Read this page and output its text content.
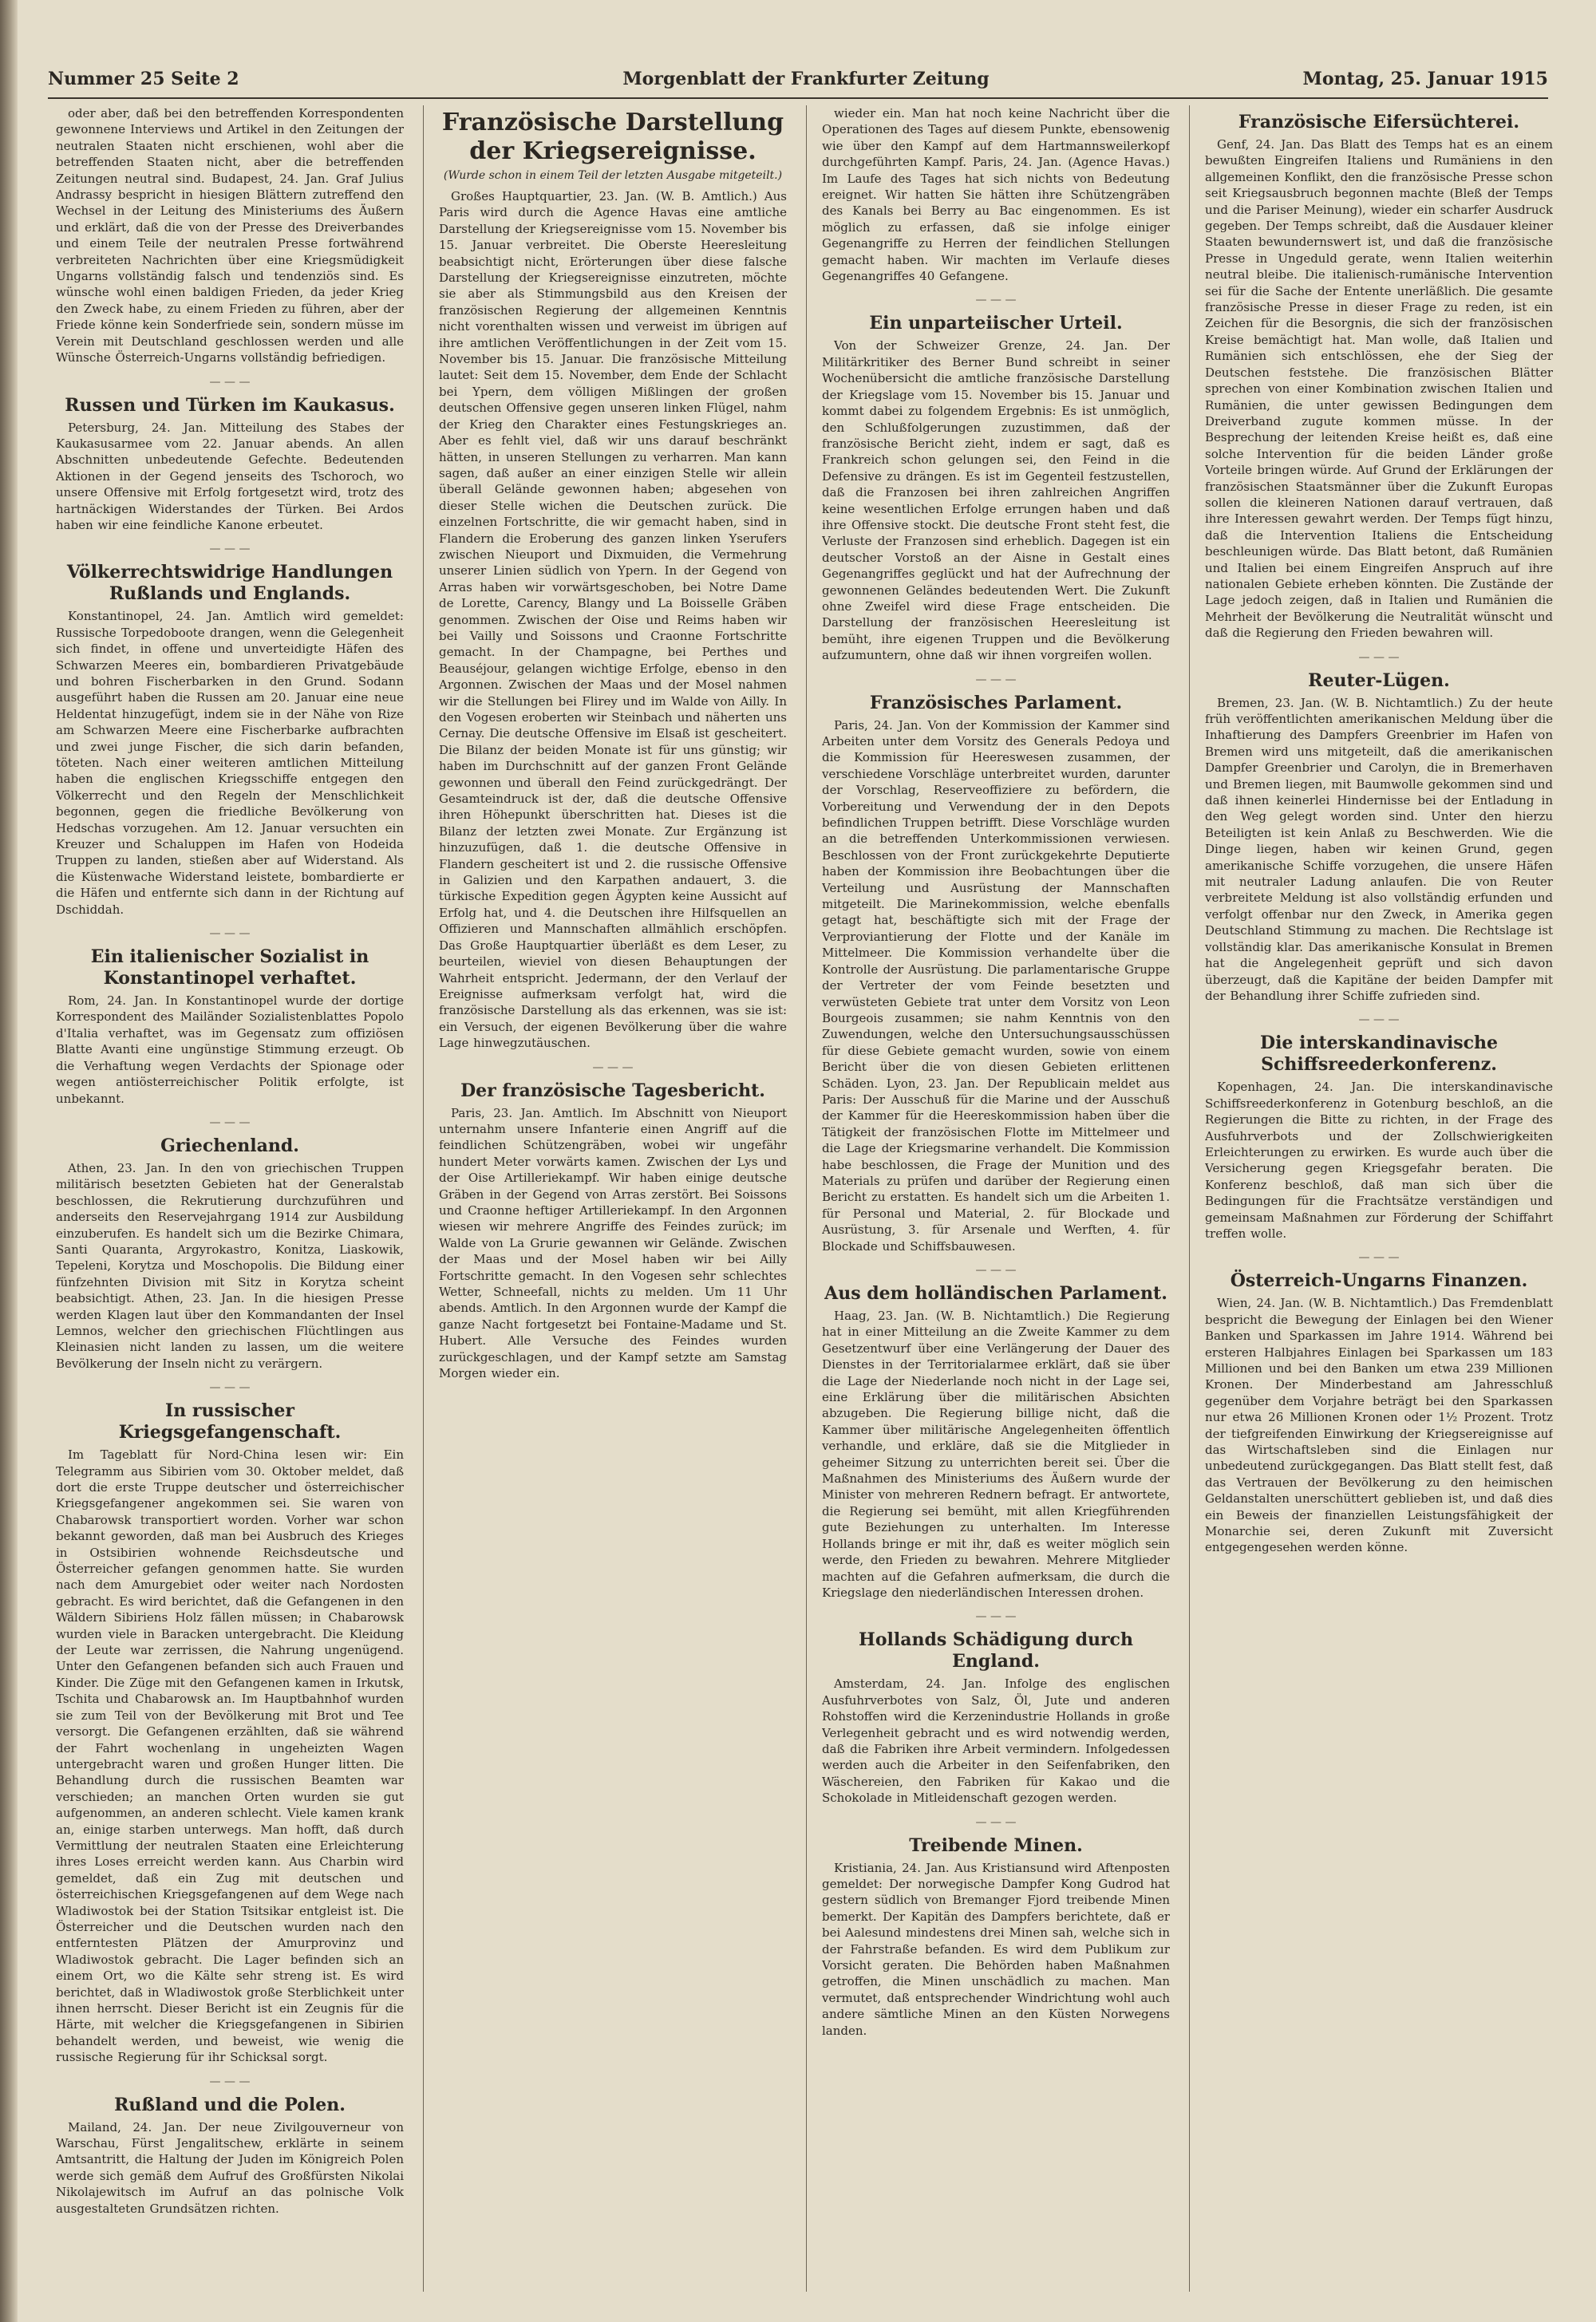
Nummer 25 Seite 2	Morgenblatt der Frankfurter Zeitung	Montag, 25. Januar 1915

oder aber, daß bei den betreffenden Korrespondenten gewonnene Interviews und Artikel in den Zeitungen der neutralen Staaten nicht erschienen, wohl aber die betreffenden Staaten nicht, aber die betreffenden Zeitungen neutral sind. Budapest, 24. Jan. Graf Julius Andrassy bespricht in hiesigen Blättern zutreffend den Wechsel in der Leitung des Ministeriums des Äußern und erklärt, daß die von der Presse des Dreiverbandes und einem Teile der neutralen Presse fortwährend verbreiteten Nachrichten über eine Kriegsmüdigkeit Ungarns vollständig falsch und tendenziös sind. Es wünsche wohl einen baldigen Frieden, da jeder Krieg den Zweck habe, zu einem Frieden zu führen, aber der Friede könne kein Sonderfriede sein, sondern müsse im Verein mit Deutschland geschlossen werden und alle Wünsche Österreich-Ungarns vollständig befriedigen.

— — —
Russen und Türken im Kaukasus.

Petersburg, 24. Jan. Mitteilung des Stabes der Kaukasusarmee vom 22. Januar abends. An allen Abschnitten unbedeutende Gefechte. Bedeutenden Aktionen in der Gegend jenseits des Tschoroch, wo unsere Offensive mit Erfolg fortgesetzt wird, trotz des hartnäckigen Widerstandes der Türken. Bei Ardos haben wir eine feindliche Kanone erbeutet.

— — —
Völkerrechtswidrige Handlungen Rußlands und Englands.

Konstantinopel, 24. Jan. Amtlich wird gemeldet: Russische Torpedoboote drangen, wenn die Gelegenheit sich findet, in offene und unverteidigte Häfen des Schwarzen Meeres ein, bombardieren Privatgebäude und bohren Fischerbarken in den Grund. Sodann ausgeführt haben die Russen am 20. Januar eine neue Heldentat hinzugefügt, indem sie in der Nähe von Rize am Schwarzen Meere eine Fischerbarke aufbrachten und zwei junge Fischer, die sich darin befanden, töteten. Nach einer weiteren amtlichen Mitteilung haben die englischen Kriegsschiffe entgegen den Völkerrecht und den Regeln der Menschlichkeit begonnen, gegen die friedliche Bevölkerung von Hedschas vorzugehen. Am 12. Januar versuchten ein Kreuzer und Schaluppen im Hafen von Hodeida Truppen zu landen, stießen aber auf Widerstand. Als die Küstenwache Widerstand leistete, bombardierte er die Häfen und entfernte sich dann in der Richtung auf Dschiddah.

— — —
Ein italienischer Sozialist in Konstantinopel verhaftet.

Rom, 24. Jan. In Konstantinopel wurde der dortige Korrespondent des Mailänder Sozialistenblattes Popolo d'Italia verhaftet, was im Gegensatz zum offiziösen Blatte Avanti eine ungünstige Stimmung erzeugt. Ob die Verhaftung wegen Verdachts der Spionage oder wegen antiösterreichischer Politik erfolgte, ist unbekannt.

— — —
Griechenland.

Athen, 23. Jan. In den von griechischen Truppen militärisch besetzten Gebieten hat der Generalstab beschlossen, die Rekrutierung durchzuführen und anderseits den Reservejahrgang 1914 zur Ausbildung einzuberufen. Es handelt sich um die Bezirke Chimara, Santi Quaranta, Argyrokastro, Konitza, Liaskowik, Tepeleni, Korytza und Moschopolis. Die Bildung einer fünfzehnten Division mit Sitz in Korytza scheint beabsichtigt. Athen, 23. Jan. In die hiesigen Presse werden Klagen laut über den Kommandanten der Insel Lemnos, welcher den griechischen Flüchtlingen aus Kleinasien nicht landen zu lassen, um die weitere Bevölkerung der Inseln nicht zu verärgern.

— — —
In russischer Kriegsgefangenschaft.

Im Tageblatt für Nord-China lesen wir: Ein Telegramm aus Sibirien vom 30. Oktober meldet, daß dort die erste Truppe deutscher und österreichischer Kriegsgefangener angekommen sei. Sie waren von Chabarowsk transportiert worden. Vorher war schon bekannt geworden, daß man bei Ausbruch des Krieges in Ostsibirien wohnende Reichsdeutsche und Österreicher gefangen genommen hatte. Sie wurden nach dem Amurgebiet oder weiter nach Nordosten gebracht. Es wird berichtet, daß die Gefangenen in den Wäldern Sibiriens Holz fällen müssen; in Chabarowsk wurden viele in Baracken untergebracht. Die Kleidung der Leute war zerrissen, die Nahrung ungenügend. Unter den Gefangenen befanden sich auch Frauen und Kinder. Die Züge mit den Gefangenen kamen in Irkutsk, Tschita und Chabarowsk an. Im Hauptbahnhof wurden sie zum Teil von der Bevölkerung mit Brot und Tee versorgt. Die Gefangenen erzählten, daß sie während der Fahrt wochenlang in ungeheizten Wagen untergebracht waren und großen Hunger litten. Die Behandlung durch die russischen Beamten war verschieden; an manchen Orten wurden sie gut aufgenommen, an anderen schlecht. Viele kamen krank an, einige starben unterwegs. Man hofft, daß durch Vermittlung der neutralen Staaten eine Erleichterung ihres Loses erreicht werden kann. Aus Charbin wird gemeldet, daß ein Zug mit deutschen und österreichischen Kriegsgefangenen auf dem Wege nach Wladiwostok bei der Station Tsitsikar entgleist ist. Die Österreicher und die Deutschen wurden nach den entferntesten Plätzen der Amurprovinz und Wladiwostok gebracht. Die Lager befinden sich an einem Ort, wo die Kälte sehr streng ist. Es wird berichtet, daß in Wladiwostok große Sterblichkeit unter ihnen herrscht. Dieser Bericht ist ein Zeugnis für die Härte, mit welcher die Kriegsgefangenen in Sibirien behandelt werden, und beweist, wie wenig die russische Regierung für ihr Schicksal sorgt.

— — —
Rußland und die Polen.

Mailand, 24. Jan. Der neue Zivilgouverneur von Warschau, Fürst Jengalitschew, erklärte in seinem Amtsantritt, die Haltung der Juden im Königreich Polen werde sich gemäß dem Aufruf des Großfürsten Nikolai Nikolajewitsch im Aufruf an das polnische Volk ausgestalteten Grundsätzen richten.

Französische Darstellung der Kriegsereignisse.
(Wurde schon in einem Teil der letzten Ausgabe mitgeteilt.)

Großes Hauptquartier, 23. Jan. (W. B. Amtlich.) Aus Paris wird durch die Agence Havas eine amtliche Darstellung der Kriegsereignisse vom 15. November bis 15. Januar verbreitet. Die Oberste Heeresleitung beabsichtigt nicht, Erörterungen über diese falsche Darstellung der Kriegsereignisse einzutreten, möchte sie aber als Stimmungsbild aus den Kreisen der französischen Regierung der allgemeinen Kenntnis nicht vorenthalten wissen und verweist im übrigen auf ihre amtlichen Veröffentlichungen in der Zeit vom 15. November bis 15. Januar. Die französische Mitteilung lautet: Seit dem 15. November, dem Ende der Schlacht bei Ypern, dem völligen Mißlingen der großen deutschen Offensive gegen unseren linken Flügel, nahm der Krieg den Charakter eines Festungskrieges an. Aber es fehlt viel, daß wir uns darauf beschränkt hätten, in unseren Stellungen zu verharren. Man kann sagen, daß außer an einer einzigen Stelle wir allein überall Gelände gewonnen haben; abgesehen von dieser Stelle wichen die Deutschen zurück. Die einzelnen Fortschritte, die wir gemacht haben, sind in Flandern die Eroberung des ganzen linken Yserufers zwischen Nieuport und Dixmuiden, die Vermehrung unserer Linien südlich von Ypern. In der Gegend von Arras haben wir vorwärtsgeschoben, bei Notre Dame de Lorette, Carency, Blangy und La Boisselle Gräben genommen. Zwischen der Oise und Reims haben wir bei Vailly und Soissons und Craonne Fortschritte gemacht. In der Champagne, bei Perthes und Beauséjour, gelangen wichtige Erfolge, ebenso in den Argonnen. Zwischen der Maas und der Mosel nahmen wir die Stellungen bei Flirey und im Walde von Ailly. In den Vogesen eroberten wir Steinbach und näherten uns Cernay. Die deutsche Offensive im Elsaß ist gescheitert. Die Bilanz der beiden Monate ist für uns günstig; wir haben im Durchschnitt auf der ganzen Front Gelände gewonnen und überall den Feind zurückgedrängt. Der Gesamteindruck ist der, daß die deutsche Offensive ihren Höhepunkt überschritten hat. Dieses ist die Bilanz der letzten zwei Monate. Zur Ergänzung ist hinzuzufügen, daß 1. die deutsche Offensive in Flandern gescheitert ist und 2. die russische Offensive in Galizien und den Karpathen andauert, 3. die türkische Expedition gegen Ägypten keine Aussicht auf Erfolg hat, und 4. die Deutschen ihre Hilfsquellen an Offizieren und Mannschaften allmählich erschöpfen. Das Große Hauptquartier überläßt es dem Leser, zu beurteilen, wieviel von diesen Behauptungen der Wahrheit entspricht. Jedermann, der den Verlauf der Ereignisse aufmerksam verfolgt hat, wird die französische Darstellung als das erkennen, was sie ist: ein Versuch, der eigenen Bevölkerung über die wahre Lage hinwegzutäuschen.

— — —
Der französische Tagesbericht.

Paris, 23. Jan. Amtlich. Im Abschnitt von Nieuport unternahm unsere Infanterie einen Angriff auf die feindlichen Schützengräben, wobei wir ungefähr hundert Meter vorwärts kamen. Zwischen der Lys und der Oise Artilleriekampf. Wir haben einige deutsche Gräben in der Gegend von Arras zerstört. Bei Soissons und Craonne heftiger Artilleriekampf. In den Argonnen wiesen wir mehrere Angriffe des Feindes zurück; im Walde von La Grurie gewannen wir Gelände. Zwischen der Maas und der Mosel haben wir bei Ailly Fortschritte gemacht. In den Vogesen sehr schlechtes Wetter, Schneefall, nichts zu melden. Um 11 Uhr abends. Amtlich. In den Argonnen wurde der Kampf die ganze Nacht fortgesetzt bei Fontaine-Madame und St. Hubert. Alle Versuche des Feindes wurden zurückgeschlagen, und der Kampf setzte am Samstag Morgen wieder ein.

wieder ein. Man hat noch keine Nachricht über die Operationen des Tages auf diesem Punkte, ebensowenig wie über den Kampf auf dem Hartmannsweilerkopf durchgeführten Kampf. Paris, 24. Jan. (Agence Havas.) Im Laufe des Tages hat sich nichts von Bedeutung ereignet. Wir hatten Sie hätten ihre Schützengräben des Kanals bei Berry au Bac eingenommen. Es ist möglich zu erfassen, daß sie infolge einiger Gegenangriffe zu Herren der feindlichen Stellungen gemacht haben. Wir machten im Verlaufe dieses Gegenangriffes 40 Gefangene.

— — —
Ein unparteiischer Urteil.

Von der Schweizer Grenze, 24. Jan. Der Militärkritiker des Berner Bund schreibt in seiner Wochenübersicht die amtliche französische Darstellung der Kriegslage vom 15. November bis 15. Januar und kommt dabei zu folgendem Ergebnis: Es ist unmöglich, den Schlußfolgerungen zuzustimmen, daß der französische Bericht zieht, indem er sagt, daß es Frankreich schon gelungen sei, den Feind in die Defensive zu drängen. Es ist im Gegenteil festzustellen, daß die Franzosen bei ihren zahlreichen Angriffen keine wesentlichen Erfolge errungen haben und daß ihre Offensive stockt. Die deutsche Front steht fest, die Verluste der Franzosen sind erheblich. Dagegen ist ein deutscher Vorstoß an der Aisne in Gestalt eines Gegenangriffes geglückt und hat der Aufrechnung der gewonnenen Geländes bedeutenden Wert. Die Zukunft ohne Zweifel wird diese Frage entscheiden. Die Darstellung der französischen Heeresleitung ist bemüht, ihre eigenen Truppen und die Bevölkerung aufzumuntern, ohne daß wir ihnen vorgreifen wollen.

— — —
Französisches Parlament.

Paris, 24. Jan. Von der Kommission der Kammer sind Arbeiten unter dem Vorsitz des Generals Pedoya und die Kommission für Heereswesen zusammen, der verschiedene Vorschläge unterbreitet wurden, darunter der Vorschlag, Reserveoffiziere zu befördern, die Vorbereitung und Verwendung der in den Depots befindlichen Truppen betrifft. Diese Vorschläge wurden an die betreffenden Unterkommissionen verwiesen. Beschlossen von der Front zurückgekehrte Deputierte haben der Kommission ihre Beobachtungen über die Verteilung und Ausrüstung der Mannschaften mitgeteilt. Die Marinekommission, welche ebenfalls getagt hat, beschäftigte sich mit der Frage der Verproviantierung der Flotte und der Kanäle im Mittelmeer. Die Kommission verhandelte über die Kontrolle der Ausrüstung. Die parlamentarische Gruppe der Vertreter der vom Feinde besetzten und verwüsteten Gebiete trat unter dem Vorsitz von Leon Bourgeois zusammen; sie nahm Kenntnis von den Zuwendungen, welche den Untersuchungsausschüssen für diese Gebiete gemacht wurden, sowie von einem Bericht über die von diesen Gebieten erlittenen Schäden. Lyon, 23. Jan. Der Republicain meldet aus Paris: Der Ausschuß für die Marine und der Ausschuß der Kammer für die Heereskommission haben über die Tätigkeit der französischen Flotte im Mittelmeer und die Lage der Kriegsmarine verhandelt. Die Kommission habe beschlossen, die Frage der Munition und des Materials zu prüfen und darüber der Regierung einen Bericht zu erstatten. Es handelt sich um die Arbeiten 1. für Personal und Material, 2. für Blockade und Ausrüstung, 3. für Arsenale und Werften, 4. für Blockade und Schiffsbauwesen.

— — —
Aus dem holländischen Parlament.

Haag, 23. Jan. (W. B. Nichtamtlich.) Die Regierung hat in einer Mitteilung an die Zweite Kammer zu dem Gesetzentwurf über eine Verlängerung der Dauer des Dienstes in der Territorialarmee erklärt, daß sie über die Lage der Niederlande noch nicht in der Lage sei, eine Erklärung über die militärischen Absichten abzugeben. Die Regierung billige nicht, daß die Kammer über militärische Angelegenheiten öffentlich verhandle, und erkläre, daß sie die Mitglieder in geheimer Sitzung zu unterrichten bereit sei. Über die Maßnahmen des Ministeriums des Äußern wurde der Minister von mehreren Rednern befragt. Er antwortete, die Regierung sei bemüht, mit allen Kriegführenden gute Beziehungen zu unterhalten. Im Interesse Hollands bringe er mit ihr, daß es weiter möglich sein werde, den Frieden zu bewahren. Mehrere Mitglieder machten auf die Gefahren aufmerksam, die durch die Kriegslage den niederländischen Interessen drohen.

— — —
Hollands Schädigung durch England.

Amsterdam, 24. Jan. Infolge des englischen Ausfuhrverbotes von Salz, Öl, Jute und anderen Rohstoffen wird die Kerzenindustrie Hollands in große Verlegenheit gebracht und es wird notwendig werden, daß die Fabriken ihre Arbeit vermindern. Infolgedessen werden auch die Arbeiter in den Seifenfabriken, den Wäschereien, den Fabriken für Kakao und die Schokolade in Mitleidenschaft gezogen werden.

— — —
Treibende Minen.

Kristiania, 24. Jan. Aus Kristiansund wird Aftenposten gemeldet: Der norwegische Dampfer Kong Gudrod hat gestern südlich von Bremanger Fjord treibende Minen bemerkt. Der Kapitän des Dampfers berichtete, daß er bei Aalesund mindestens drei Minen sah, welche sich in der Fahrstraße befanden. Es wird dem Publikum zur Vorsicht geraten. Die Behörden haben Maßnahmen getroffen, die Minen unschädlich zu machen. Man vermutet, daß entsprechender Windrichtung wohl auch andere sämtliche Minen an den Küsten Norwegens landen.

Französische Eifersüchterei.

Genf, 24. Jan. Das Blatt des Temps hat es an einem bewußten Eingreifen Italiens und Rumäniens in den allgemeinen Konflikt, den die französische Presse schon seit Kriegsausbruch begonnen machte (Bleß der Temps und die Pariser Meinung), wieder ein scharfer Ausdruck gegeben. Der Temps schreibt, daß die Ausdauer kleiner Staaten bewundernswert ist, und daß die französische Presse in Ungeduld gerate, wenn Italien weiterhin neutral bleibe. Die italienisch-rumänische Intervention sei für die Sache der Entente unerläßlich. Die gesamte französische Presse in dieser Frage zu reden, ist ein Zeichen für die Besorgnis, die sich der französischen Kreise bemächtigt hat. Man wolle, daß Italien und Rumänien sich entschlössen, ehe der Sieg der Deutschen feststehe. Die französischen Blätter sprechen von einer Kombination zwischen Italien und Rumänien, die unter gewissen Bedingungen dem Dreiverband zugute kommen müsse. In der Besprechung der leitenden Kreise heißt es, daß eine solche Intervention für die beiden Länder große Vorteile bringen würde. Auf Grund der Erklärungen der französischen Staatsmänner über die Zukunft Europas sollen die kleineren Nationen darauf vertrauen, daß ihre Interessen gewahrt werden. Der Temps fügt hinzu, daß die Intervention Italiens die Entscheidung beschleunigen würde. Das Blatt betont, daß Rumänien und Italien bei einem Eingreifen Anspruch auf ihre nationalen Gebiete erheben könnten. Die Zustände der Lage jedoch zeigen, daß in Italien und Rumänien die Mehrheit der Bevölkerung die Neutralität wünscht und daß die Regierung den Frieden bewahren will.

— — —
Reuter-Lügen.

Bremen, 23. Jan. (W. B. Nichtamtlich.) Zu der heute früh veröffentlichten amerikanischen Meldung über die Inhaftierung des Dampfers Greenbrier im Hafen von Bremen wird uns mitgeteilt, daß die amerikanischen Dampfer Greenbrier und Carolyn, die in Bremerhaven und Bremen liegen, mit Baumwolle gekommen sind und daß ihnen keinerlei Hindernisse bei der Entladung in den Weg gelegt worden sind. Unter den hierzu Beteiligten ist kein Anlaß zu Beschwerden. Wie die Dinge liegen, haben wir keinen Grund, gegen amerikanische Schiffe vorzugehen, die unsere Häfen mit neutraler Ladung anlaufen. Die von Reuter verbreitete Meldung ist also vollständig erfunden und verfolgt offenbar nur den Zweck, in Amerika gegen Deutschland Stimmung zu machen. Die Rechtslage ist vollständig klar. Das amerikanische Konsulat in Bremen hat die Angelegenheit geprüft und sich davon überzeugt, daß die Kapitäne der beiden Dampfer mit der Behandlung ihrer Schiffe zufrieden sind.

— — —
Die interskandinavische Schiffsreederkonferenz.

Kopenhagen, 24. Jan. Die interskandinavische Schiffsreederkonferenz in Gotenburg beschloß, an die Regierungen die Bitte zu richten, in der Frage des Ausfuhrverbots und der Zollschwierigkeiten Erleichterungen zu erwirken. Es wurde auch über die Versicherung gegen Kriegsgefahr beraten. Die Konferenz beschloß, daß man sich über die Bedingungen für die Frachtsätze verständigen und gemeinsam Maßnahmen zur Förderung der Schiffahrt treffen wolle.

— — —
Österreich-Ungarns Finanzen.

Wien, 24. Jan. (W. B. Nichtamtlich.) Das Fremdenblatt bespricht die Bewegung der Einlagen bei den Wiener Banken und Sparkassen im Jahre 1914. Während bei ersteren Halbjahres Einlagen bei Sparkassen um 183 Millionen und bei den Banken um etwa 239 Millionen Kronen. Der Minderbestand am Jahresschluß gegenüber dem Vorjahre beträgt bei den Sparkassen nur etwa 26 Millionen Kronen oder 1½ Prozent. Trotz der tiefgreifenden Einwirkung der Kriegsereignisse auf das Wirtschaftsleben sind die Einlagen nur unbedeutend zurückgegangen. Das Blatt stellt fest, daß das Vertrauen der Bevölkerung zu den heimischen Geldanstalten unerschüttert geblieben ist, und daß dies ein Beweis der finanziellen Leistungsfähigkeit der Monarchie sei, deren Zukunft mit Zuversicht entgegengesehen werden könne.
